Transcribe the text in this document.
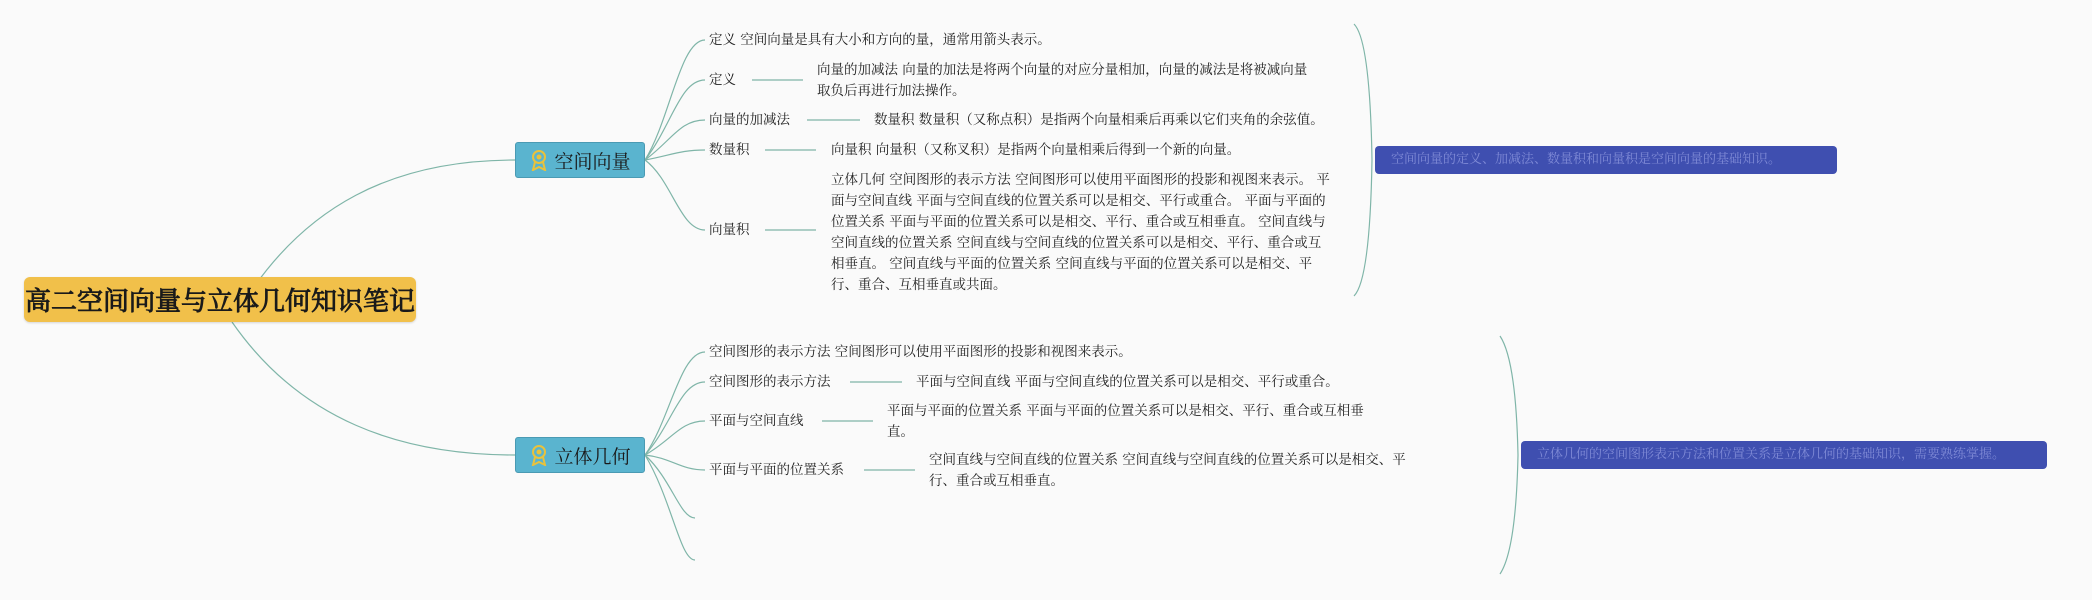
高二空间向量与立体几何知识笔记
空间向量
定义 空间向量是具有大小和方向的量，通常用箭头表示。
定义
向量的加减法 向量的加法是将两个向量的对应分量相加，向量的减法是将被减向量取负后再进行加法操作。
向量的加减法	数量积 数量积（又称点积）是指两个向量相乘后再乘以它们夹角的余弦值。
数量积	向量积 向量积（又称叉积）是指两个向量相乘后得到一个新的向量。
向量积
立体几何 空间图形的表示方法 空间图形可以使用平面图形的投影和视图来表示。 平面与空间直线 平面与空间直线的位置关系可以是相交、平行或重合。 平面与平面的位置关系 平面与平面的位置关系可以是相交、平行、重合或互相垂直。 空间直线与空间直线的位置关系 空间直线与空间直线的位置关系可以是相交、平行、重合或互相垂直。 空间直线与平面的位置关系 空间直线与平面的位置关系可以是相交、平行、重合、互相垂直或共面。
空间向量的定义、加减法、数量积和向量积是空间向量的基础知识。
立体几何
空间图形的表示方法 空间图形可以使用平面图形的投影和视图来表示。
空间图形的表示方法	平面与空间直线 平面与空间直线的位置关系可以是相交、平行或重合。
平面与空间直线
平面与平面的位置关系 平面与平面的位置关系可以是相交、平行、重合或互相垂直。
平面与平面的位置关系
空间直线与空间直线的位置关系 空间直线与空间直线的位置关系可以是相交、平行、重合或互相垂直。
立体几何的空间图形表示方法和位置关系是立体几何的基础知识，需要熟练掌握。
